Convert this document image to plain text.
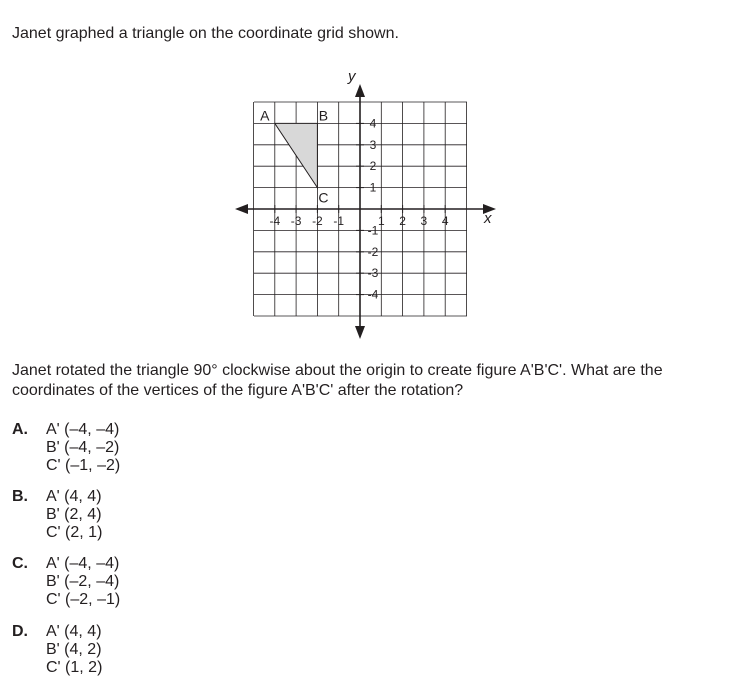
Janet graphed a triangle on the coordinate grid shown.

x
y
-4 -3 -2 -1	1 2 3 4
4
3
2
1
-1
-2
-3
-4
A	B
C

Janet rotated the triangle 90° clockwise about the origin to create figure A'B'C'. What are the coordinates of the vertices of the figure A'B'C' after the rotation?

A. A' (–4, –4)
B' (–4, –2)
C' (–1, –2)
B. A' (4, 4)
B' (2, 4)
C' (2, 1)
C. A' (–4, –4)
B' (–2, –4)
C' (–2, –1)
D. A' (4, 4)
B' (4, 2)
C' (1, 2)
